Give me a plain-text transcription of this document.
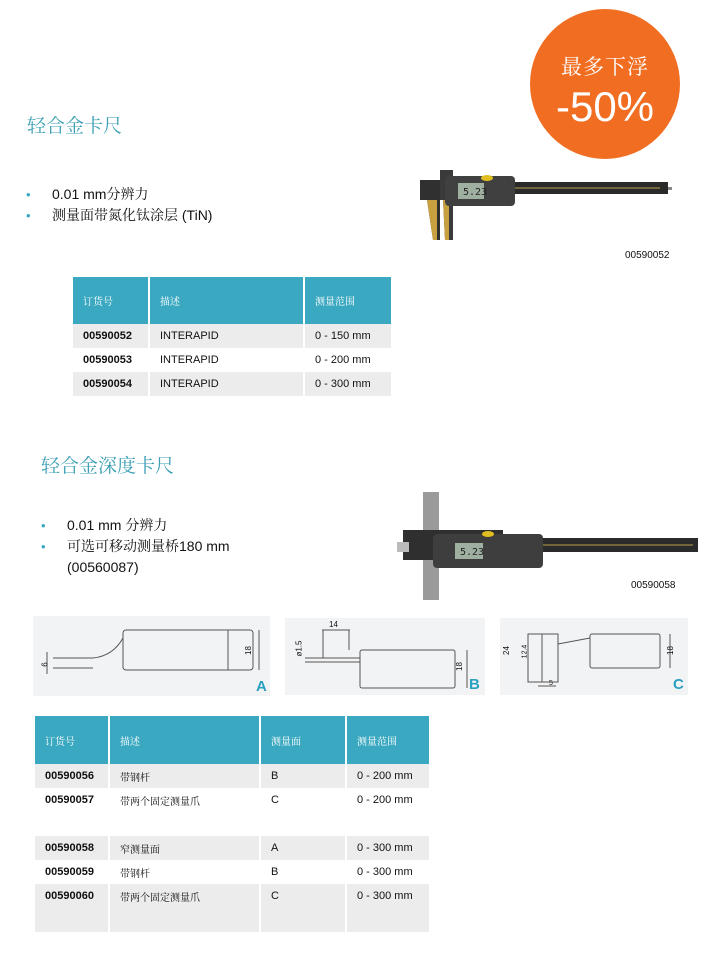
最多下浮
-50%
轻合金卡尺
• 0.01 mm分辨力
• 测量面带氮化钛涂层 (TiN)
5.23
00590052
订货号	描述	测量范围
00590052	INTERAPID	0 - 150 mm
00590053	INTERAPID	0 - 200 mm
00590054	INTERAPID	0 - 300 mm
轻合金深度卡尺
• 0.01 mm 分辨力
• 可选可移动测量桥180 mm
(00560087)
5.23
00590058
6
18
A
14
ø1.5
18
B
24 12.4
5
18
C
订货号	描述	测量面	测量范围
00590056	带钢杆	B	0 - 200 mm
00590057	带两个固定测量爪	C	0 - 200 mm

00590058	窄测量面	A	0 - 300 mm
00590059	带钢杆	B	0 - 300 mm
00590060	带两个固定测量爪	C	0 - 300 mm
